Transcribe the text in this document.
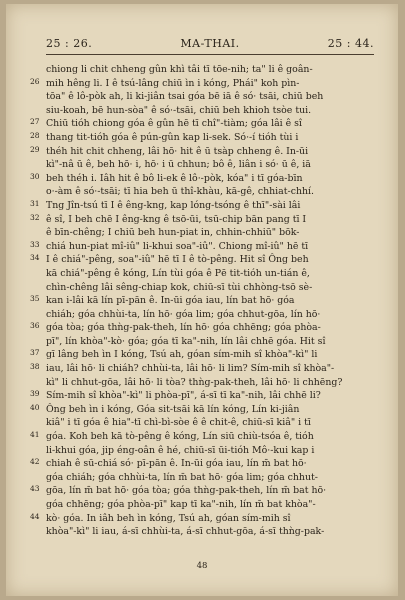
25 : 26.	MA-THAI.	25 : 44.
chiong li chit chheng gûn khì tâi tī tōe-nih; ta" li ê goân-
26 mih hêng li. I ê tsú-lâng chiū ìn i kóng, Phái" koh pìn-
tōa" ê lô-pòk ah, li ki-jiân tsai góa bē iā ê só· tsāi, chiū beh
siu-koah, bē hun-sòa" ê só·-tsāi, chiū beh khioh tsòe tui.
27 Chiū tióh chiong góa ê gûn hē tī chî"-tiàm; góa lâi ê sî
28 thang tit-tióh góa ê pún-gûn kap li-sek. Só·-í tióh tùi i
29 théh hit chit chheng, lâi hō· hit ê ū tsàp chheng ê. In-ūi
kì"-nâ ū ê, beh hō· i, hō· i ū chhun; bô ê, liân i só· ū ê, iā
30 beh théh i. Iâh hit ê bô li-ek ê lô·-pòk, kóa" i tī góa-bīn
o·-àm ê só·-tsāi; tī hia beh ū thî-khàu, kā-gê, chhiat-chhí.
31 Tng Jîn-tsú tī I ê êng-kng, kap lóng-tsóng ê thī"-sài lâi
32 ê sî, I beh chē I êng-kng ê tsō-ūi, tsū-chip bān pang tī I
ê bīn-chêng; I chiū beh hun-piat in, chhin-chhiū" bōk-
33 chiá hun-piat mî-iû" li-khui soa"-iû". Chiong mî-iû" hē tī
34 I ê chiá"-pêng, soa"-iû" hē tī I ê tò-pêng. Hit sî Ông beh
kā chiá"-pêng ê kóng, Lín tùi góa ê Pē tit-tióh un-tián ê,
chìn-chêng lâi sêng-chiap kok, chiū-sī tùi chhòng-tsō sè-
35 kan i-lâi kā lín pī-pān ê. In-ūi góa iau, lín bat hō· góa
chiáh; góa chhùi-ta, lín hō· góa lim; góa chhut-gōa, lín hō·
36 góa tòa; góa thǹg-pak-theh, lín hō· góa chhēng; góa phòa-
pī", lín khòa"-kò· góa; góa tī ka"-nih, lín lâi chhē góa. Hit sî
37 gī lâng beh ìn I kóng, Tsú ah, góan sím-mih sî khòa"-kì" li
38 iau, lâi hō· li chiáh? chhùi-ta, lâi hō· li lim? Sím-mih sî khòa"-
kì" li chhut-gōa, lâi hō· li tòa? thǹg-pak-theh, lâi hō· li chhēng?
39 Sím-mih sî khòa"-kì" li phòa-pī", á-sī tī ka"-nih, lâi chhē li?
40 Ông beh ìn i kóng, Góa sit-tsāi kā lín kóng, Lín ki-jiân
kiâ" i tī góa ê hia"-tī chì-bì-sòe ê ê chit-ê, chiū-sī kiâ" i tī
41 góa. Koh beh kā tò-pêng ê kóng, Lín siū chiù-tsóa ê, tióh
li-khui góa, jip éng-oân ê hé, chiū-sī ūi-tióh Mô·-kui kap i
42 chiah ê sū-chiá só· pī-pān ê. In-ūi góa iau, lín m̄ bat hō·
góa chiáh; góa chhùi-ta, lín m̄ bat hō· góa lim; góa chhut-
43 gōa, lín m̄ bat hō· góa tòa; góa thǹg-pak-theh, lín m̄ bat hō·
góa chhēng; góa phòa-pī" kap tī ka"-nih, lín m̄ bat khòa"-
44 kò· góa. In iâh beh ìn kóng, Tsú ah, góan sím-mih sî
khòa"-kì" li iau, á-sī chhùi-ta, á-sī chhut-gōa, á-sī thǹg-pak-
48
